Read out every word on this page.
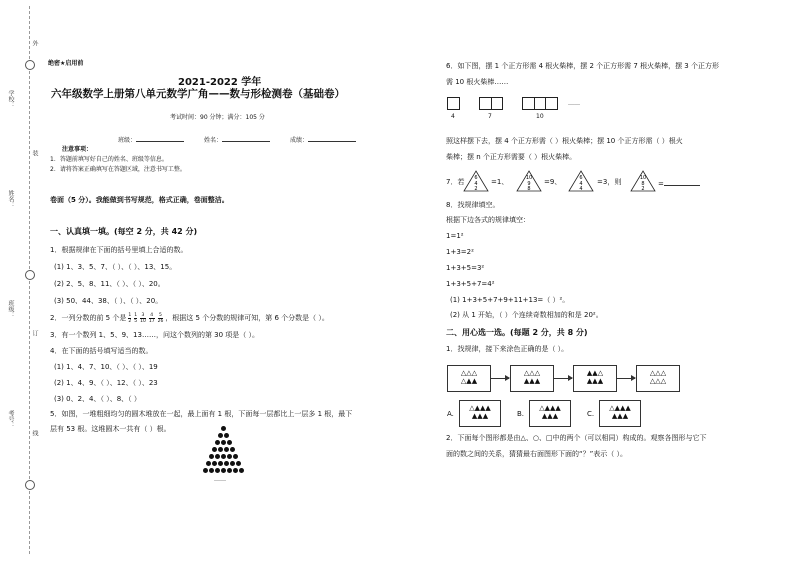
学校：
姓名：
班级：
考号：
装
订
线
外
绝密★启用前
2021-2022 学年
六年级数学上册第八单元数学广角——数与形检测卷（基础卷）
考试时间：90 分钟；满分：105 分
班级：	姓名：	成绩：
注意事项：
1．答题前填写好自己的姓名、班级等信息。
2．请将答案正确填写在答题区域，注意书写工整。
卷面（5 分）。我能做到书写规范，格式正确，卷面整洁。
一、认真填一填。(每空 2 分，共 42 分)
1．根据规律在下面的括号里填上合适的数。
(1) 1、3、5、7、（ ）、（ ）、13、15。
(2) 2、5、8、11、（ ）、（ ）、20。
(3) 50、44、38、（ ）、（ ）、20。
2．一列分数的前 5 个是 1
2
1
5
3
10
4
17
5
26 ，根据这 5 个分数的规律可知，第 6 个分数是（ ）。
3．有一个数列 1、5、9、13……，问这个数列的第 30 项是（ ）。
4．在下面的括号填写适当的数。
(1) 1、4、7、10、（ ）、（ ）、19
(2) 1、4、9、（ ）、12、（ ）、23
(3) 0、2、4、（ ）、8、（ ）
5．如图，一堆粗细均匀的圆木堆放在一起，最上面有 1 根，下面每一层都比上一层多 1 根，最下
层有 53 根。这堆圆木一共有（ ）根。
……
6．如下图，摆 1 个正方形需 4 根火柴棒，摆 2 个正方形需 7 根火柴棒，摆 3 个正方形
需 10 根火柴棒……
4	7	10
……
照这样摆下去，摆 4 个正方形需（ ）根火柴棒；摆 10 个正方形需（ ）根火
柴棒；摆 n 个正方形需要（ ）根火柴棒。
7．若 6
4
2
=1、	10
9
8
=9、	6
4
4
=3，则	10
8
2
=
8．找规律填空。
根据下边各式的规律填空：
1=1²
1+3=2²
1+3+5=3²
1+3+5+7=4²
(1) 1+3+5+7+9+11+13=（ ）²。
(2) 从 1 开始，（ ）个连续奇数相加的和是 20²。
二、用心选一选。(每题 2 分，共 8 分)
1．找规律，接下来涂色正确的是（ ）。
△△△
△▲▲
△△△
▲▲▲
▲▲△
▲▲▲
△△△
△△△
A.
△▲▲▲
▲▲▲	B.
△▲▲▲
▲▲▲	C.
△▲▲▲
▲▲▲
2．下面每个图形都是由△、○、□中的两个（可以相同）构成的。观察各图形与它下
面的数之间的关系，猜猜最右面图形下面的“？”表示（ ）。
